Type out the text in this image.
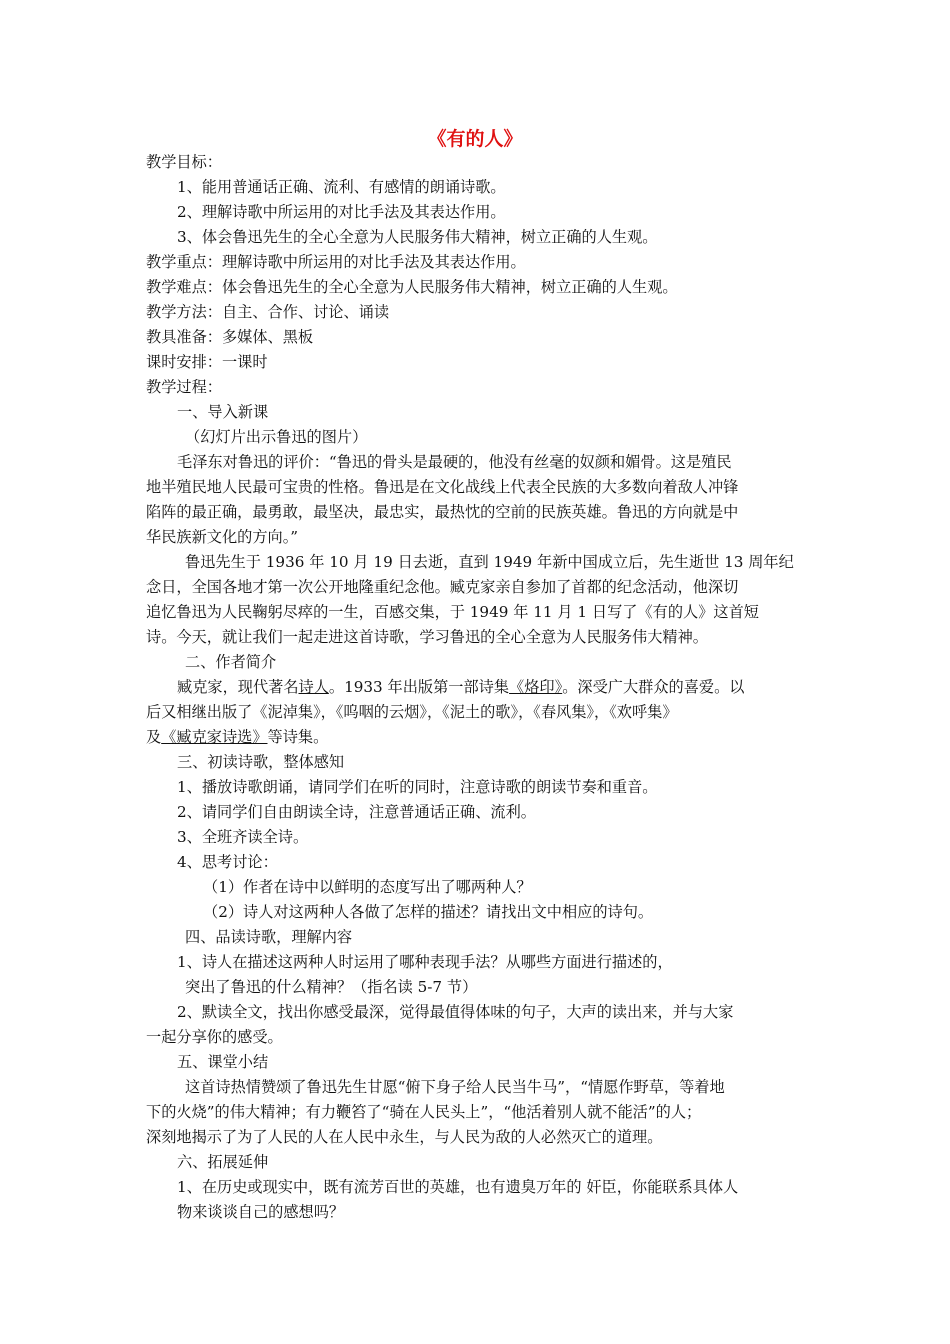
《有的人》
教学目标：
1、能用普通话正确、流利、有感情的朗诵诗歌。
2、理解诗歌中所运用的对比手法及其表达作用。
3、体会鲁迅先生的全心全意为人民服务伟大精神，树立正确的人生观。
教学重点：理解诗歌中所运用的对比手法及其表达作用。
教学难点：体会鲁迅先生的全心全意为人民服务伟大精神，树立正确的人生观。
教学方法：自主、合作、讨论、诵读
教具准备：多媒体、黑板
课时安排：一课时
教学过程：
一、导入新课
（幻灯片出示鲁迅的图片）
毛泽东对鲁迅的评价：“鲁迅的骨头是最硬的，他没有丝毫的奴颜和媚骨。这是殖民
地半殖民地人民最可宝贵的性格。鲁迅是在文化战线上代表全民族的大多数向着敌人冲锋
陷阵的最正确，最勇敢，最坚决，最忠实，最热忱的空前的民族英雄。鲁迅的方向就是中
华民族新文化的方向。”
鲁迅先生于 1936 年 10 月 19 日去逝，直到 1949 年新中国成立后，先生逝世 13 周年纪
念日，全国各地才第一次公开地隆重纪念他。臧克家亲自参加了首都的纪念活动，他深切
追忆鲁迅为人民鞠躬尽瘁的一生，百感交集，于 1949 年 11 月 1 日写了《有的人》这首短
诗。今天，就让我们一起走进这首诗歌，学习鲁迅的全心全意为人民服务伟大精神。
二、作者简介
臧克家，现代著名诗人。1933 年出版第一部诗集《烙印》。深受广大群众的喜爱。以
后又相继出版了《泥淖集》，《呜咽的云烟》，《泥土的歌》，《春风集》，《欢呼集》
及《臧克家诗选》等诗集。
三、初读诗歌，整体感知
1、播放诗歌朗诵，请同学们在听的同时，注意诗歌的朗读节奏和重音。
2、请同学们自由朗读全诗，注意普通话正确、流利。
3、全班齐读全诗。
4、思考讨论：
（1）作者在诗中以鲜明的态度写出了哪两种人？
（2）诗人对这两种人各做了怎样的描述？请找出文中相应的诗句。
四、品读诗歌，理解内容
1、诗人在描述这两种人时运用了哪种表现手法？从哪些方面进行描述的，
突出了鲁迅的什么精神？（指名读 5-7 节）
2、默读全文，找出你感受最深，觉得最值得体味的句子，大声的读出来，并与大家
一起分享你的感受。
五、课堂小结
这首诗热情赞颂了鲁迅先生甘愿“俯下身子给人民当牛马”，“情愿作野草，等着地
下的火烧”的伟大精神；有力鞭笞了“骑在人民头上”，“他活着别人就不能活”的人；
深刻地揭示了为了人民的人在人民中永生，与人民为敌的人必然灭亡的道理。
六、拓展延伸
1、在历史或现实中，既有流芳百世的英雄，也有遗臭万年的 奸臣，你能联系具体人
物来谈谈自己的感想吗？
